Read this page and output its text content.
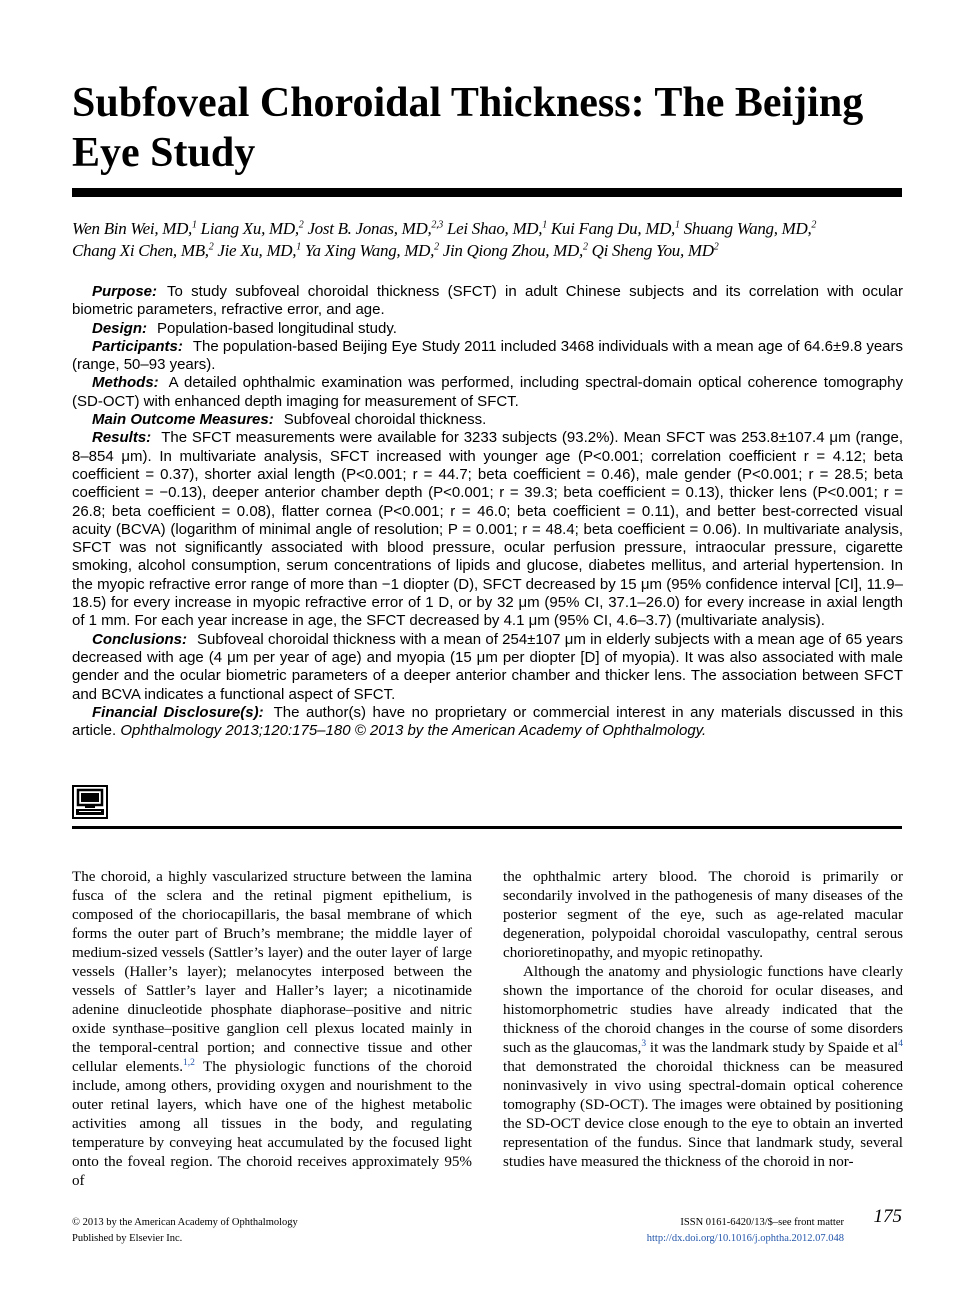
Subfoveal Choroidal Thickness: The Beijing Eye Study
Wen Bin Wei, MD,$^1$ Liang Xu, MD,$^2$ Jost B. Jonas, MD,$^{2,3}$ Lei Shao, MD,$^1$ Kui Fang Du, MD,$^1$ Shuang Wang, MD,$^2$
Chang Xi Chen, MB,$^2$ Jie Xu, MD,$^1$ Ya Xing Wang, MD,$^2$ Jin Qiong Zhou, MD,$^2$ Qi Sheng You, $MD^2$

Purpose: To study subfoveal choroidal thickness (SFCT) in adult Chinese subjects and its correlation with ocular biometric parameters, refractive error, and age.

Design: Population-based longitudinal study.

Participants: The population-based Beijing Eye Study 2011 included 3468 individuals with a mean age of 64.6±9.8 years (range, 50–93 years).

Methods: A detailed ophthalmic examination was performed, including spectral-domain optical coherence tomography (SD-OCT) with enhanced depth imaging for measurement of SFCT.

Main Outcome Measures: Subfoveal choroidal thickness.

Results: The SFCT measurements were available for 3233 subjects (93.2%). Mean SFCT was 253.8±107.4 μm (range, 8–854 μm). In multivariate analysis, SFCT increased with younger age (P<0.001; correlation coefficient r = 4.12; beta coefficient = 0.37), shorter axial length (P<0.001; r = 44.7; beta coefficient = 0.46), male gender (P<0.001; r = 28.5; beta coefficient = −0.13), deeper anterior chamber depth (P<0.001; r = 39.3; beta coefficient = 0.13), thicker lens (P<0.001; r = 26.8; beta coefficient = 0.08), flatter cornea (P<0.001; r = 46.0; beta coefficient = 0.11), and better best-corrected visual acuity (BCVA) (logarithm of minimal angle of resolution; P = 0.001; r = 48.4; beta coefficient = 0.06). In multivariate analysis, SFCT was not significantly associated with blood pressure, ocular perfusion pressure, intraocular pressure, cigarette smoking, alcohol consumption, serum concentrations of lipids and glucose, diabetes mellitus, and arterial hypertension. In the myopic refractive error range of more than −1 diopter (D), SFCT decreased by 15 μm (95% confidence interval [CI], 11.9–18.5) for every increase in myopic refractive error of 1 D, or by 32 μm (95% CI, 37.1–26.0) for every increase in axial length of 1 mm. For each year increase in age, the SFCT decreased by 4.1 μm (95% CI, 4.6–3.7) (multivariate analysis).

Conclusions: Subfoveal choroidal thickness with a mean of 254±107 μm in elderly subjects with a mean age of 65 years decreased with age (4 μm per year of age) and myopia (15 μm per diopter [D] of myopia). It was also associated with male gender and the ocular biometric parameters of a deeper anterior chamber and thicker lens. The association between SFCT and BCVA indicates a functional aspect of SFCT.

Financial Disclosure(s): The author(s) have no proprietary or commercial interest in any materials discussed in this article. Ophthalmology 2013;120:175–180 © 2013 by the American Academy of Ophthalmology.

The choroid, a highly vascularized structure between the lamina fusca of the sclera and the retinal pigment epithelium, is composed of the choriocapillaris, the basal membrane of which forms the outer part of Bruch’s membrane; the middle layer of medium-sized vessels (Sattler’s layer) and the outer layer of large vessels (Haller’s layer); melanocytes interposed between the vessels of Sattler’s layer and Haller’s layer; a nicotinamide adenine dinucleotide phosphate diaphorase–positive and nitric oxide synthase–positive ganglion cell plexus located mainly in the temporal-central portion; and connective tissue and other cellular elements.$^{1,2}$ The physiologic functions of the choroid include, among others, providing oxygen and nourishment to the outer retinal layers, which have one of the highest metabolic activities among all tissues in the body, and regulating temperature by conveying heat accumulated by the focused light onto the foveal region. The choroid receives approximately 95% of

the ophthalmic artery blood. The choroid is primarily or secondarily involved in the pathogenesis of many diseases of the posterior segment of the eye, such as age-related macular degeneration, polypoidal choroidal vasculopathy, central serous chorioretinopathy, and myopic retinopathy.

Although the anatomy and physiologic functions have clearly shown the importance of the choroid for ocular diseases, and histomorphometric studies have already indicated that the thickness of the choroid changes in the course of some disorders such as the glaucomas,$^3$ it was the landmark study by Spaide et $al^4$ that demonstrated the choroidal thickness can be measured noninvasively in vivo using spectral-domain optical coherence tomography (SD-OCT). The images were obtained by positioning the SD-OCT device close enough to the eye to obtain an inverted representation of the fundus. Since that landmark study, several studies have measured the thickness of the choroid in nor-

© 2013 by the American Academy of Ophthalmology
Published by Elsevier Inc.
ISSN 0161-6420/13/$–see front matter
http://dx.doi.org/10.1016/j.ophtha.2012.07.048
175
